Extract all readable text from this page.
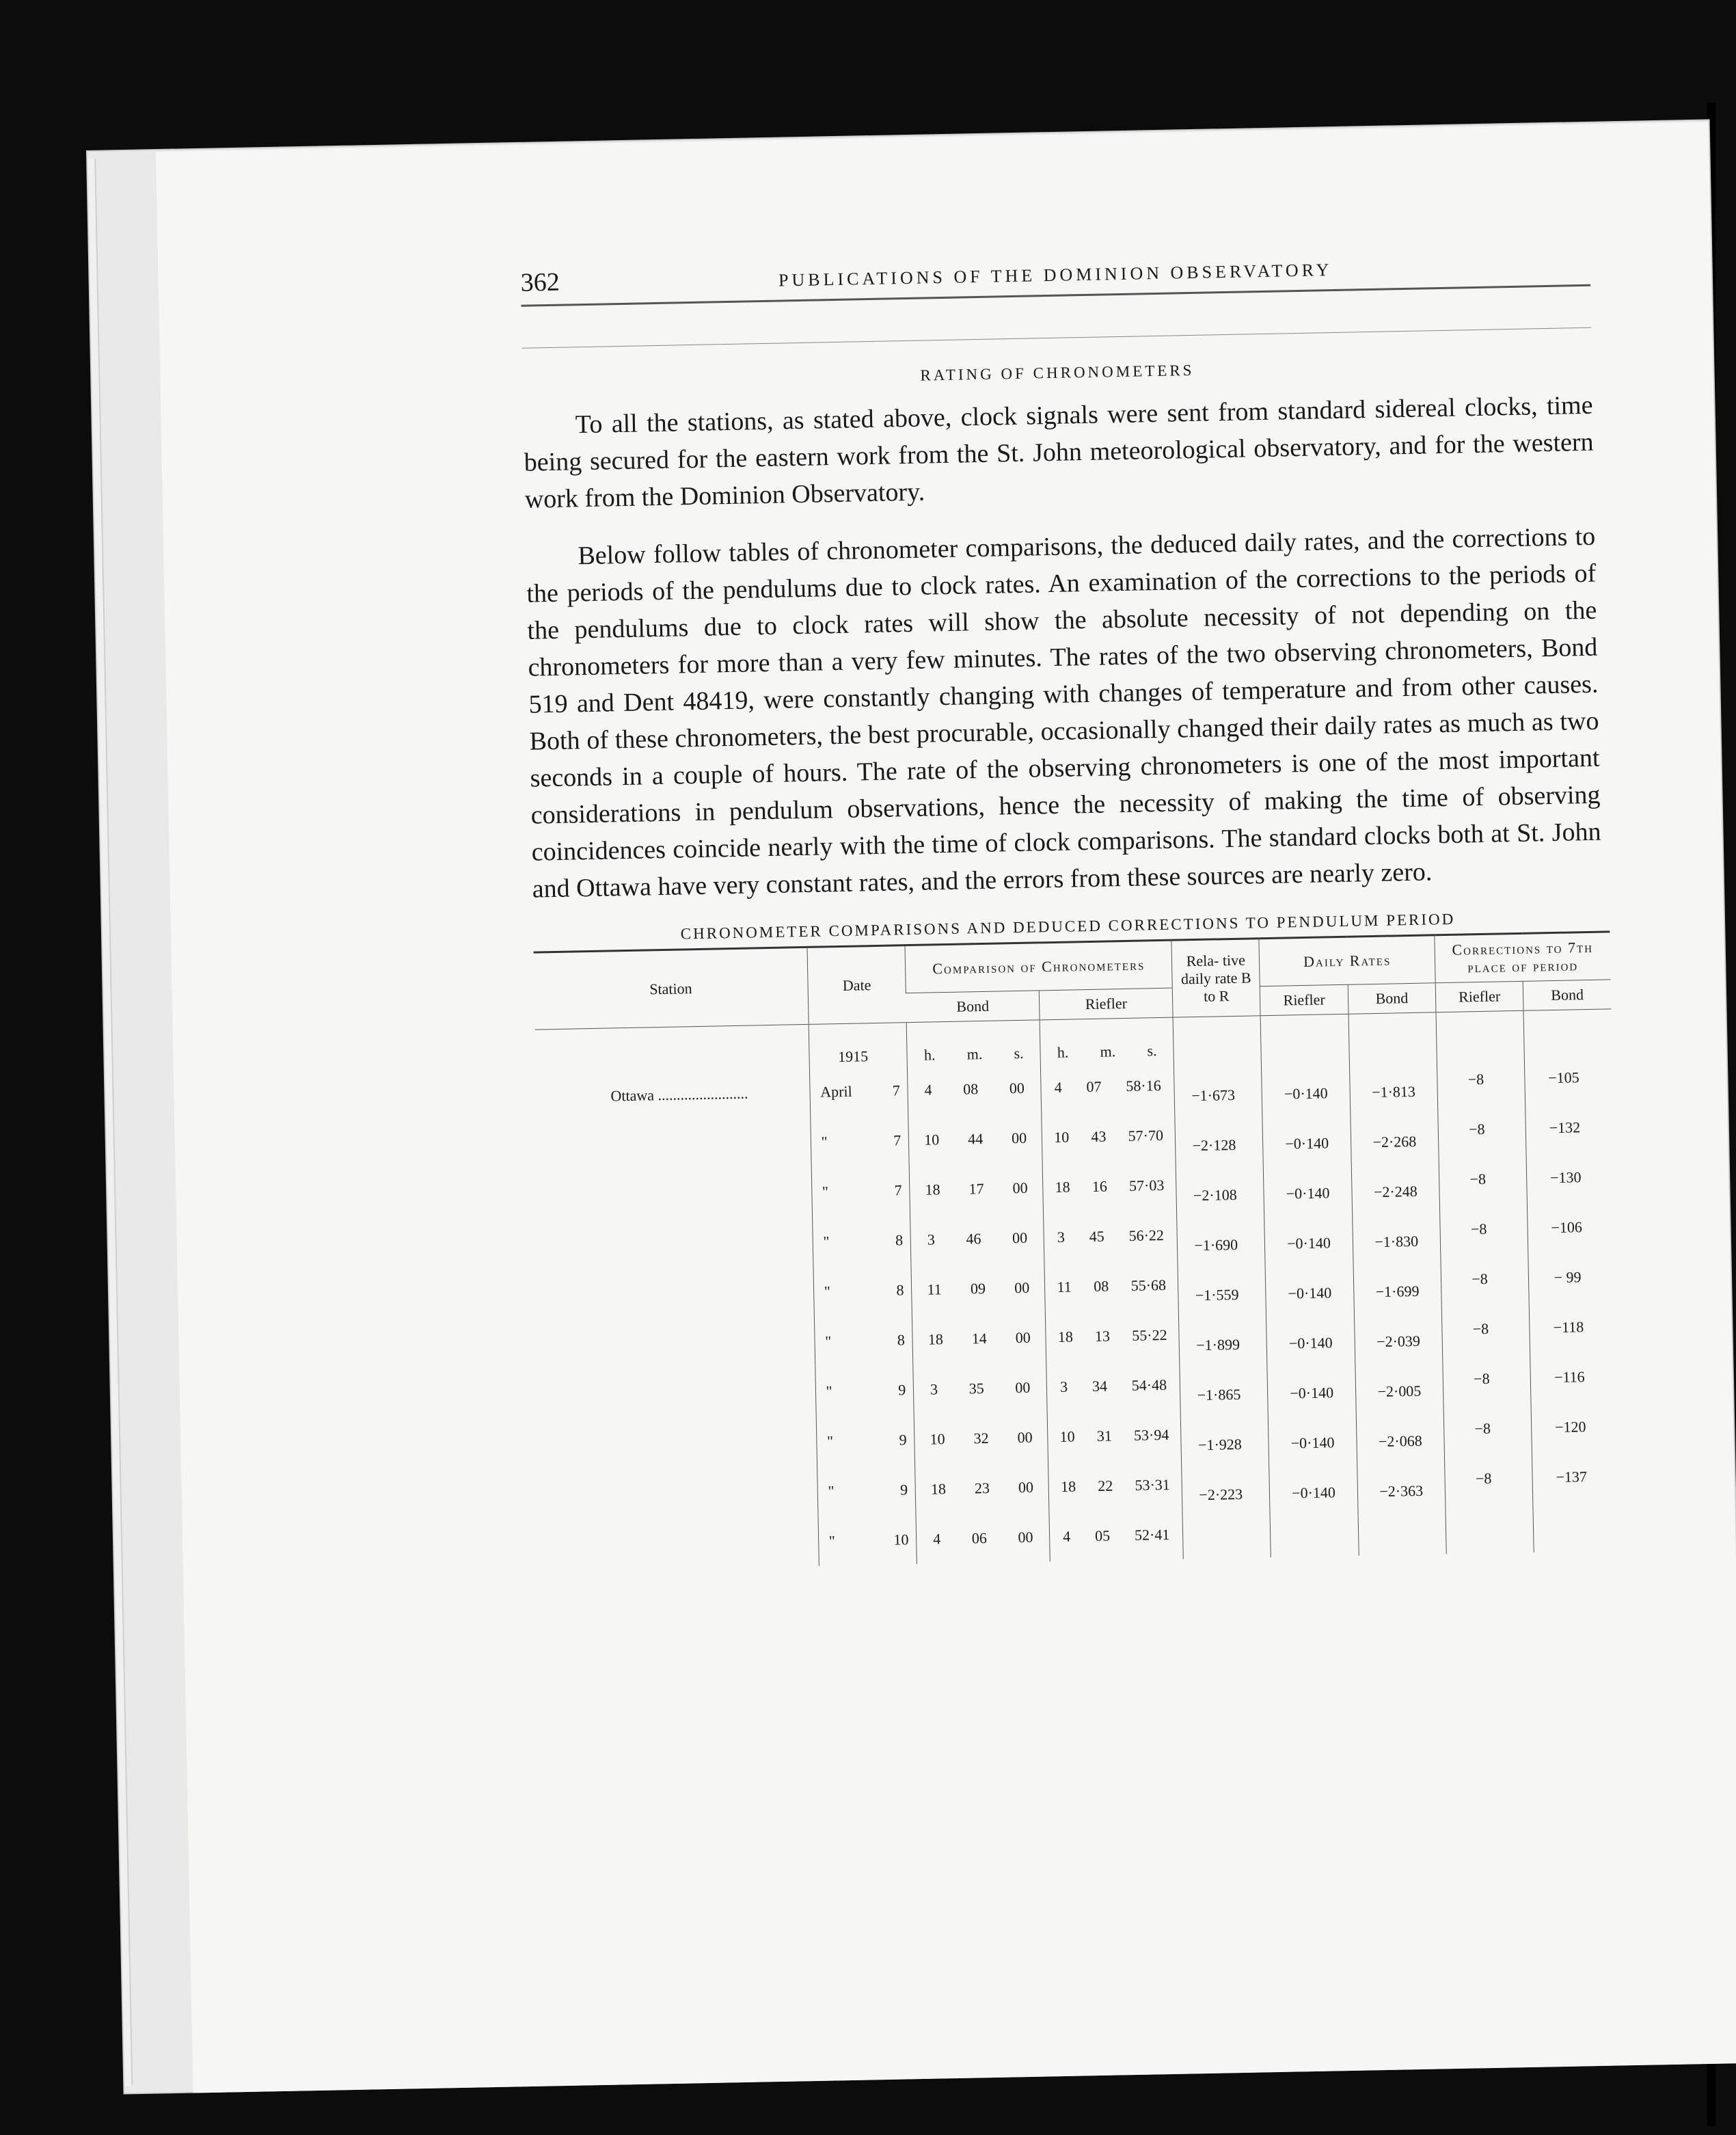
362	PUBLICATIONS OF THE DOMINION OBSERVATORY
RATING OF CHRONOMETERS

To all the stations, as stated above, clock signals were sent from standard sidereal clocks, time being secured for the eastern work from the St. John meteorological observatory, and for the western work from the Dominion Observatory.

Below follow tables of chronometer comparisons, the deduced daily rates, and the corrections to the periods of the pendulums due to clock rates. An examination of the corrections to the periods of the pendulums due to clock rates will show the absolute necessity of not depending on the chronometers for more than a very few minutes. The rates of the two observing chronometers, Bond 519 and Dent 48419, were constantly changing with changes of temperature and from other causes. Both of these chronometers, the best procurable, occasionally changed their daily rates as much as two seconds in a couple of hours. The rate of the observing chronometers is one of the most important considerations in pendulum observations, hence the necessity of making the time of observing coincidences coincide nearly with the time of clock comparisons. The standard clocks both at St. John and Ottawa have very constant rates, and the errors from these sources are nearly zero.

CHRONOMETER COMPARISONS AND DEDUCED CORRECTIONS TO PENDULUM PERIOD
Station	Date	Comparison of Chronometers		Rela- tive daily rate B to R	Daily Rates		Corrections to 7th place of period	
		Bond	Riefler		Riefler	Bond	Riefler	Bond
	1915	h. m. s.	h. m. s.					

Ottawa ........................	April 7	4 08 00	4 07 58·16	−1·673	−0·140	−1·813	−8	−105

	" 7	10 44 00	10 43 57·70	−2·128	−0·140	−2·268	−8	−132

	" 7	18 17 00	18 16 57·03	−2·108	−0·140	−2·248	−8	−130

	" 8	3 46 00	3 45 56·22	−1·690	−0·140	−1·830	−8	−106

	" 8	11 09 00	11 08 55·68	−1·559	−0·140	−1·699	−8	− 99

	" 8	18 14 00	18 13 55·22	−1·899	−0·140	−2·039	−8	−118

	" 9	3 35 00	3 34 54·48	−1·865	−0·140	−2·005	−8	−116

	" 9	10 32 00	10 31 53·94	−1·928	−0·140	−2·068	−8	−120

	" 9	18 23 00	18 22 53·31	−2·223	−0·140	−2·363	−8	−137

	" 10	4 06 00	4 05 52·41					
